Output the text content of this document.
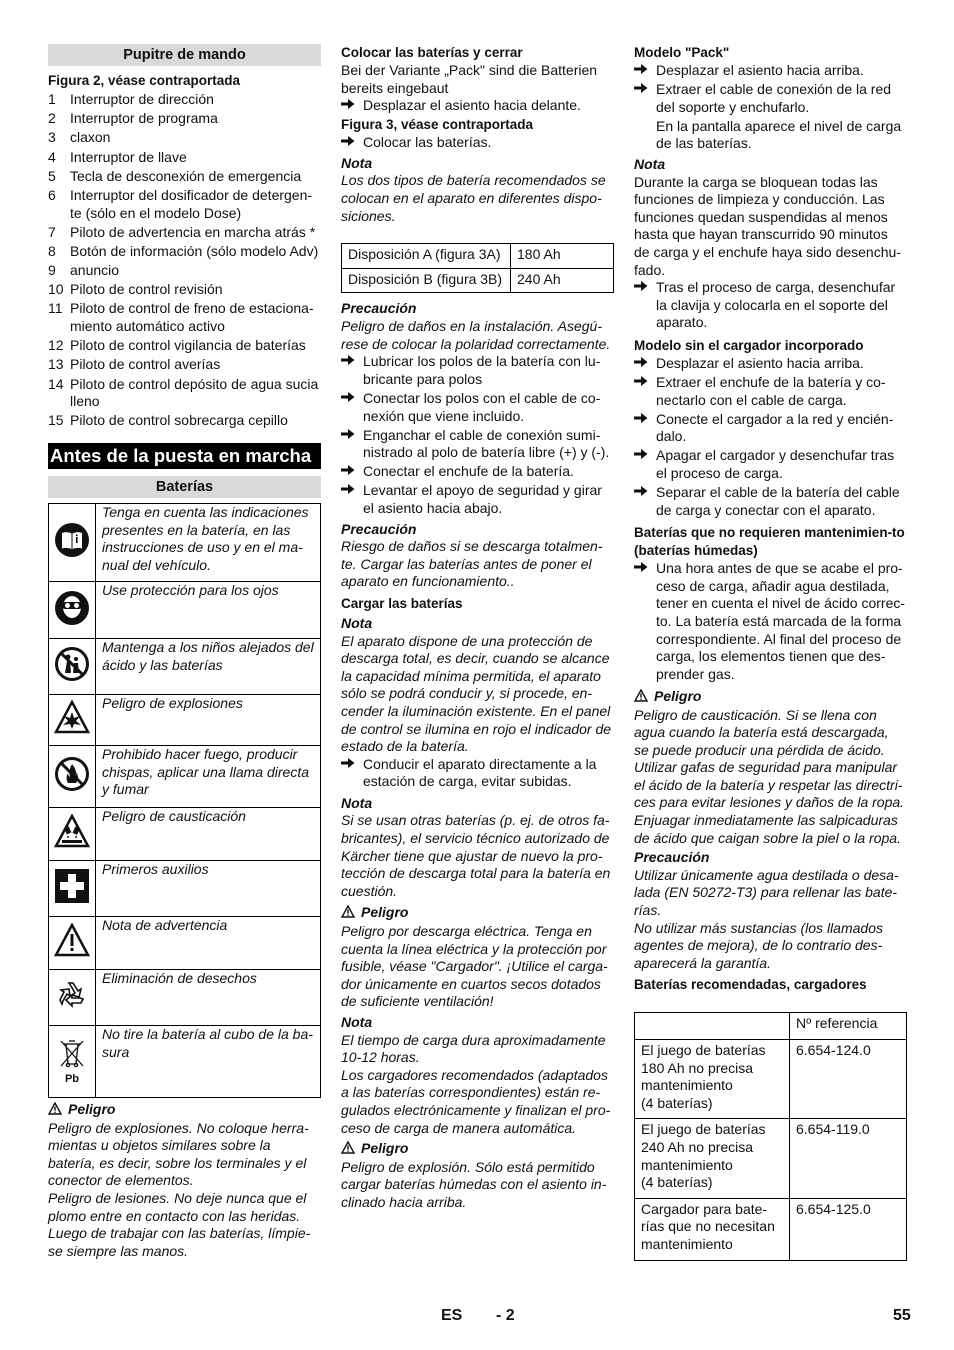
Pupitre de mando

Figura 2, véase contraportada

1 Interruptor de dirección
2 Interruptor de programa
3 claxon
4 Interruptor de llave
5 Tecla de desconexión de emergencia
6 Interruptor del dosificador de detergen-te (sólo en el modelo Dose)
7 Piloto de advertencia en marcha atrás *
8 Botón de información (sólo modelo Adv)
9 anuncio
10 Piloto de control revisión
11 Piloto de control de freno de estaciona-miento automático activo
12 Piloto de control vigilancia de baterías
13 Piloto de control averías
14 Piloto de control depósito de agua sucia lleno
15 Piloto de control sobrecarga cepillo

Antes de la puesta en marcha

Baterías

	Tenga en cuenta las indicaciones presentes en la batería, en las instrucciones de uso y en el ma-nual del vehículo.
	Use protección para los ojos
	Mantenga a los niños alejados del ácido y las baterías
	Peligro de explosiones
	Prohibido hacer fuego, producir chispas, aplicar una llama directa y fumar
	Peligro de causticación
	Primeros auxilios
	Nota de advertencia
	Eliminación de desechos

Pb	No tire la batería al cubo de la ba-sura

Peligro

Peligro de explosiones. No coloque herra-mientas u objetos similares sobre la batería, es decir, sobre los terminales y el conector de elementos.
Peligro de lesiones. No deje nunca que el plomo entre en contacto con las heridas. Luego de trabajar con las baterías, límpie-se siempre las manos.

Colocar las baterías y cerrar

Bei der Variante „Pack" sind die Batterien bereits eingebaut

Desplazar el asiento hacia delante.

Figura 3, véase contraportada

Colocar las baterías.

Nota

Los dos tipos de batería recomendados se colocan en el aparato en diferentes dispo-siciones.

Disposición A (figura 3A)	180 Ah
Disposición B (figura 3B)	240 Ah

Precaución

Peligro de daños en la instalación. Asegú-rese de colocar la polaridad correctamente.

Lubricar los polos de la batería con lu-bricante para polos
Conectar los polos con el cable de co-nexión que viene incluido.
Enganchar el cable de conexión sumi-nistrado al polo de batería libre (+) y (-).
Conectar el enchufe de la batería.
Levantar el apoyo de seguridad y girar el asiento hacia abajo.

Precaución

Riesgo de daños si se descarga totalmen-te. Cargar las baterías antes de poner el aparato en funcionamiento..

Cargar las baterías

Nota

El aparato dispone de una protección de descarga total, es decir, cuando se alcance la capacidad mínima permitida, el aparato sólo se podrá conducir y, si procede, en-cender la iluminación existente. En el panel de control se ilumina en rojo el indicador de estado de la batería.

Conducir el aparato directamente a la estación de carga, evitar subidas.

Nota

Si se usan otras baterías (p. ej. de otros fa-bricantes), el servicio técnico autorizado de Kärcher tiene que ajustar de nuevo la pro-tección de descarga total para la batería en cuestión.

Peligro

Peligro por descarga eléctrica. Tenga en cuenta la línea eléctrica y la protección por fusible, véase "Cargador". ¡Utilice el carga-dor únicamente en cuartos secos dotados de suficiente ventilación!

Nota

El tiempo de carga dura aproximadamente 10-12 horas.
Los cargadores recomendados (adaptados a las baterías correspondientes) están re-gulados electrónicamente y finalizan el pro-ceso de carga de manera automática.

Peligro

Peligro de explosión. Sólo está permitido cargar baterías húmedas con el asiento in-clinado hacia arriba.

Modelo "Pack"

Desplazar el asiento hacia arriba.
Extraer el cable de conexión de la red del soporte y enchufarlo.

En la pantalla aparece el nivel de carga de las baterías.

Nota

Durante la carga se bloquean todas las funciones de limpieza y conducción. Las funciones quedan suspendidas al menos hasta que hayan transcurrido 90 minutos de carga y el enchufe haya sido desenchu-fado.

Tras el proceso de carga, desenchufar la clavija y colocarla en el soporte del aparato.

Modelo sin el cargador incorporado

Desplazar el asiento hacia arriba.
Extraer el enchufe de la batería y co-nectarlo con el cable de carga.
Conecte el cargador a la red y encién-dalo.
Apagar el cargador y desenchufar tras el proceso de carga.
Separar el cable de la batería del cable de carga y conectar con el aparato.

Baterías que no requieren mantenimien-to (baterías húmedas)

Una hora antes de que se acabe el pro-ceso de carga, añadir agua destilada, tener en cuenta el nivel de ácido correc-to. La batería está marcada de la forma correspondiente. Al final del proceso de carga, los elementos tienen que des-prender gas.

Peligro

Peligro de causticación. Si se llena con agua cuando la batería está descargada, se puede producir una pérdida de ácido.
Utilizar gafas de seguridad para manipular el ácido de la batería y respetar las directri-ces para evitar lesiones y daños de la ropa.
Enjuagar inmediatamente las salpicaduras de ácido que caigan sobre la piel o la ropa.

Precaución

Utilizar únicamente agua destilada o desa-lada (EN 50272-T3) para rellenar las bate-rías.
No utilizar más sustancias (los llamados agentes de mejora), de lo contrario des-aparecerá la garantía.

Baterías recomendadas, cargadores

	Nº referencia
El juego de baterías 180 Ah no precisa mantenimiento
(4 baterías)	6.654-124.0
El juego de baterías 240 Ah no precisa mantenimiento
(4 baterías)	6.654-119.0
Cargador para bate-rías que no necesitan mantenimiento	6.654-125.0
ES - 2	55
